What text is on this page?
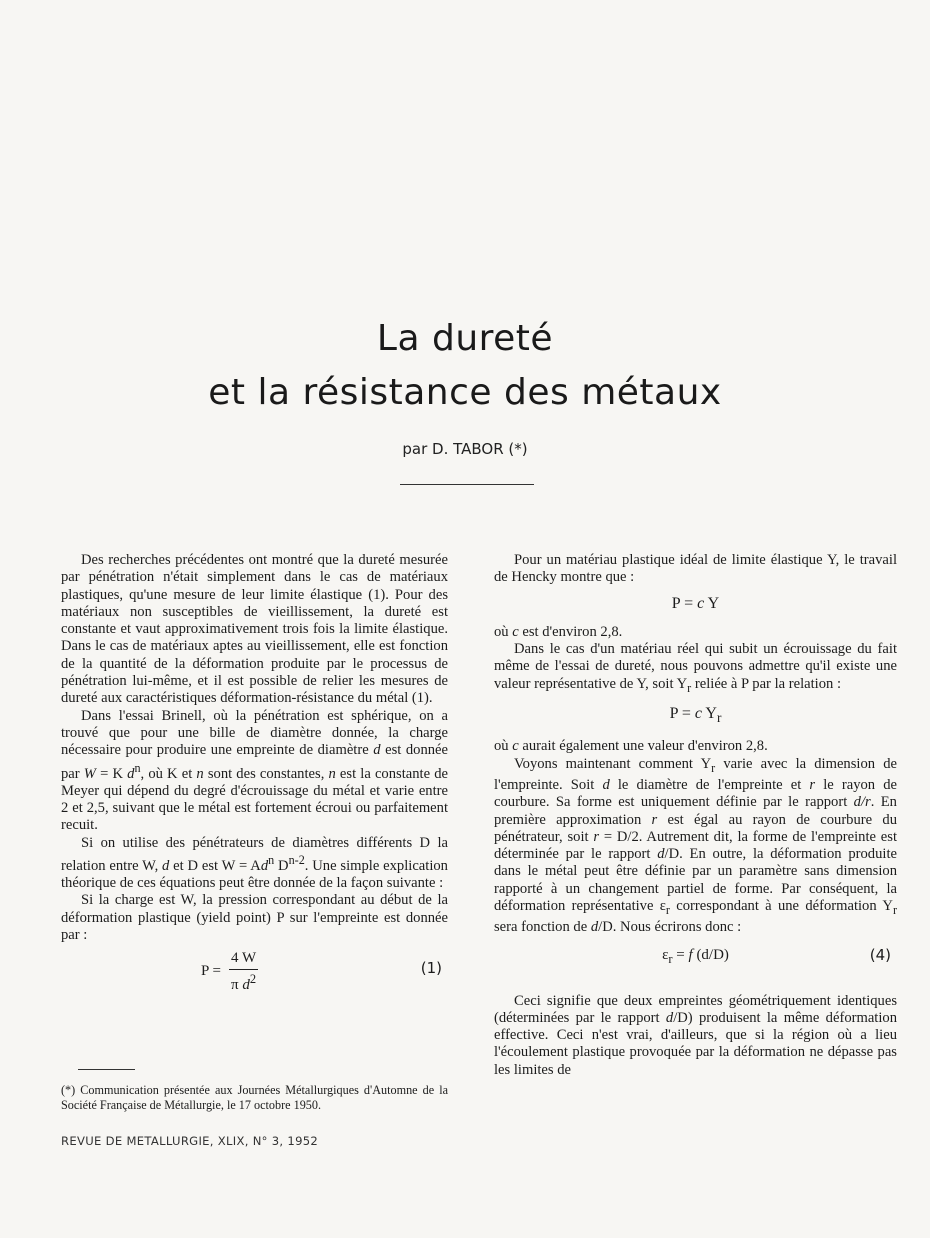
La dureté
et la résistance des métaux
par D. TABOR (*)

Des recherches précédentes ont montré que la dureté mesurée par pénétration n'était simplement dans le cas de matériaux plastiques, qu'une mesure de leur limite élastique (1). Pour des matériaux non susceptibles de vieillissement, la dureté est constante et vaut approximativement trois fois la limite élastique. Dans le cas de matériaux aptes au vieillissement, elle est fonction de la quantité de la déformation produite par le processus de pénétration lui-même, et il est possible de relier les mesures de dureté aux caractéristiques déformation-résistance du métal (1).

Dans l'essai Brinell, où la pénétration est sphérique, on a trouvé que pour une bille de diamètre donnée, la charge nécessaire pour produire une empreinte de diamètre d est donnée par W = K $d^n$, où K et n sont des constantes, n est la constante de Meyer qui dépend du degré d'écrouissage du métal et varie entre 2 et 2,5, suivant que le métal est fortement écroui ou parfaitement recuit.

Si on utilise des pénétrateurs de diamètres différents D la relation entre W, d et D est $W = Ad^n$ $D^{n-2}$. Une simple explication théorique de ces équations peut être donnée de la façon suivante :

Si la charge est W, la pression correspondant au début de la déformation plastique (yield point) P sur l'empreinte est donnée par :

$P = \frac{4 W}{\pi d^2}$	(1)
(*) Communication présentée aux Journées Métallurgiques d'Automne de la Société Française de Métallurgie, le 17 octobre 1950.
REVUE DE METALLURGIE, XLIX, N° 3, 1952

Pour un matériau plastique idéal de limite élastique Y, le travail de Hencky montre que :

P = c Y

où c est d'environ 2,8.

Dans le cas d'un matériau réel qui subit un écrouissage du fait même de l'essai de dureté, nous pouvons admettre qu'il existe une valeur représentative de Y, soit $Y_r$ reliée à P par la relation :

P = c $Y_r$

où c aurait également une valeur d'environ 2,8.

Voyons maintenant comment $Y_r$ varie avec la dimension de l'empreinte. Soit d le diamètre de l'empreinte et r le rayon de courbure. Sa forme est uniquement définie par le rapport d/r. En première approximation r est égal au rayon de courbure du pénétrateur, soit r = D/2. Autrement dit, la forme de l'empreinte est déterminée par le rapport d/D. En outre, la déformation produite dans le métal peut être définie par un paramètre sans dimension rapporté à un changement partiel de forme. Par conséquent, la déformation représentative $\varepsilon_r$ correspondant à une déformation $Y_r$ sera fonction de d/D. Nous écrirons donc :

$\varepsilon_r = f$ (d/D)	(4)

Ceci signifie que deux empreintes géométriquement identiques (déterminées par le rapport d/D) produisent la même déformation effective. Ceci n'est vrai, d'ailleurs, que si la région où a lieu l'écoulement plastique provoquée par la déformation ne dépasse pas les limites de
